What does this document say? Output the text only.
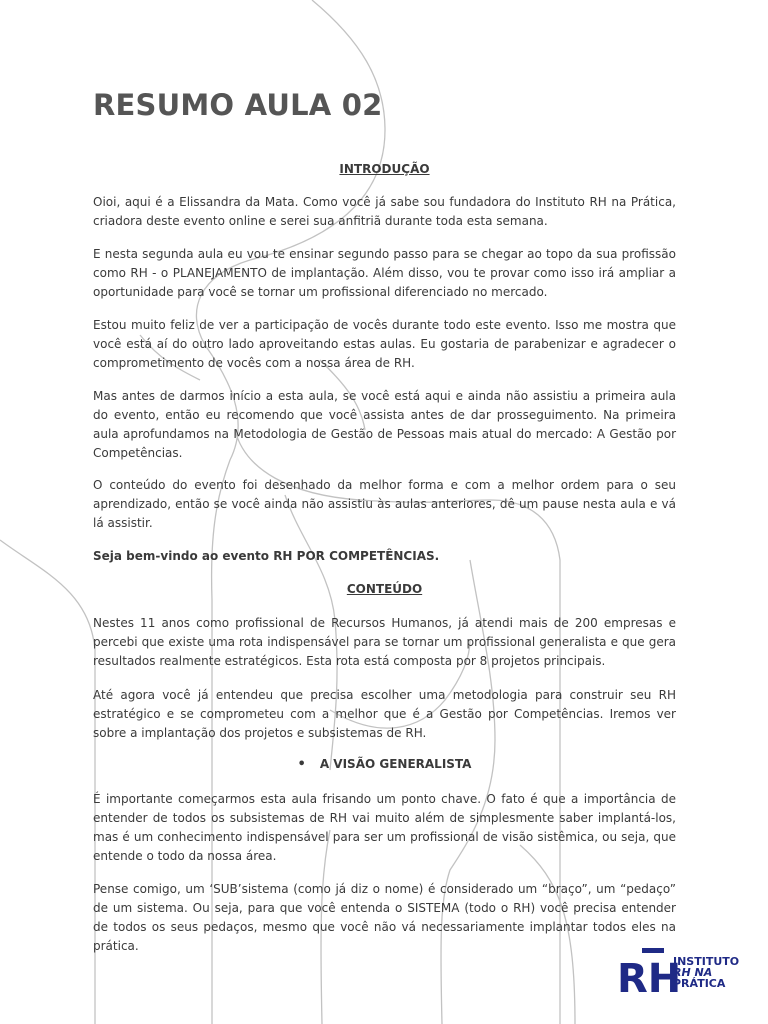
RESUMO AULA 02
INTRODUÇÃO

Oioi, aqui é a Elissandra da Mata. Como você já sabe sou fundadora do Instituto RH na Prática, criadora deste evento online e serei sua anfitriã durante toda esta semana.

E nesta segunda aula eu vou te ensinar segundo passo para se chegar ao topo da sua profissão como RH - o PLANEJAMENTO de implantação. Além disso, vou te provar como isso irá ampliar a oportunidade para você se tornar um profissional diferenciado no mercado.

Estou muito feliz de ver a participação de vocês durante todo este evento. Isso me mostra que você está aí do outro lado aproveitando estas aulas. Eu gostaria de parabenizar e agradecer o comprometimento de vocês com a nossa área de RH.

Mas antes de darmos início a esta aula, se você está aqui e ainda não assistiu a primeira aula do evento, então eu recomendo que você assista antes de dar prosseguimento. Na primeira aula aprofundamos na Metodologia de Gestão de Pessoas mais atual do mercado: A Gestão por Competências.

O conteúdo do evento foi desenhado da melhor forma e com a melhor ordem para o seu aprendizado, então se você ainda não assistiu às aulas anteriores, dê um pause nesta aula e vá lá assistir.

Seja bem-vindo ao evento RH POR COMPETÊNCIAS.

CONTEÚDO

Nestes 11 anos como profissional de Recursos Humanos, já atendi mais de 200 empresas e percebi que existe uma rota indispensável para se tornar um profissional generalista e que gera resultados realmente estratégicos. Esta rota está composta por 8 projetos principais.

Até agora você já entendeu que precisa escolher uma metodologia para construir seu RH estratégico e se comprometeu com a melhor que é a Gestão por Competências. Iremos ver sobre a implantação dos projetos e subsistemas de RH.

• A VISÃO GENERALISTA

É importante começarmos esta aula frisando um ponto chave. O fato é que a importância de entender de todos os subsistemas de RH vai muito além de simplesmente saber implantá-los, mas é um conhecimento indispensável para ser um profissional de visão sistêmica, ou seja, que entende o todo da nossa área.

Pense comigo, um ‘SUB’sistema (como já diz o nome) é considerado um “braço”, um “pedaço” de um sistema. Ou seja, para que você entenda o SISTEMA (todo o RH) você precisa entender de todos os seus pedaços, mesmo que você não vá necessariamente implantar todos eles na prática.

RH
INSTITUTO
RH NA
PRÁTICA
